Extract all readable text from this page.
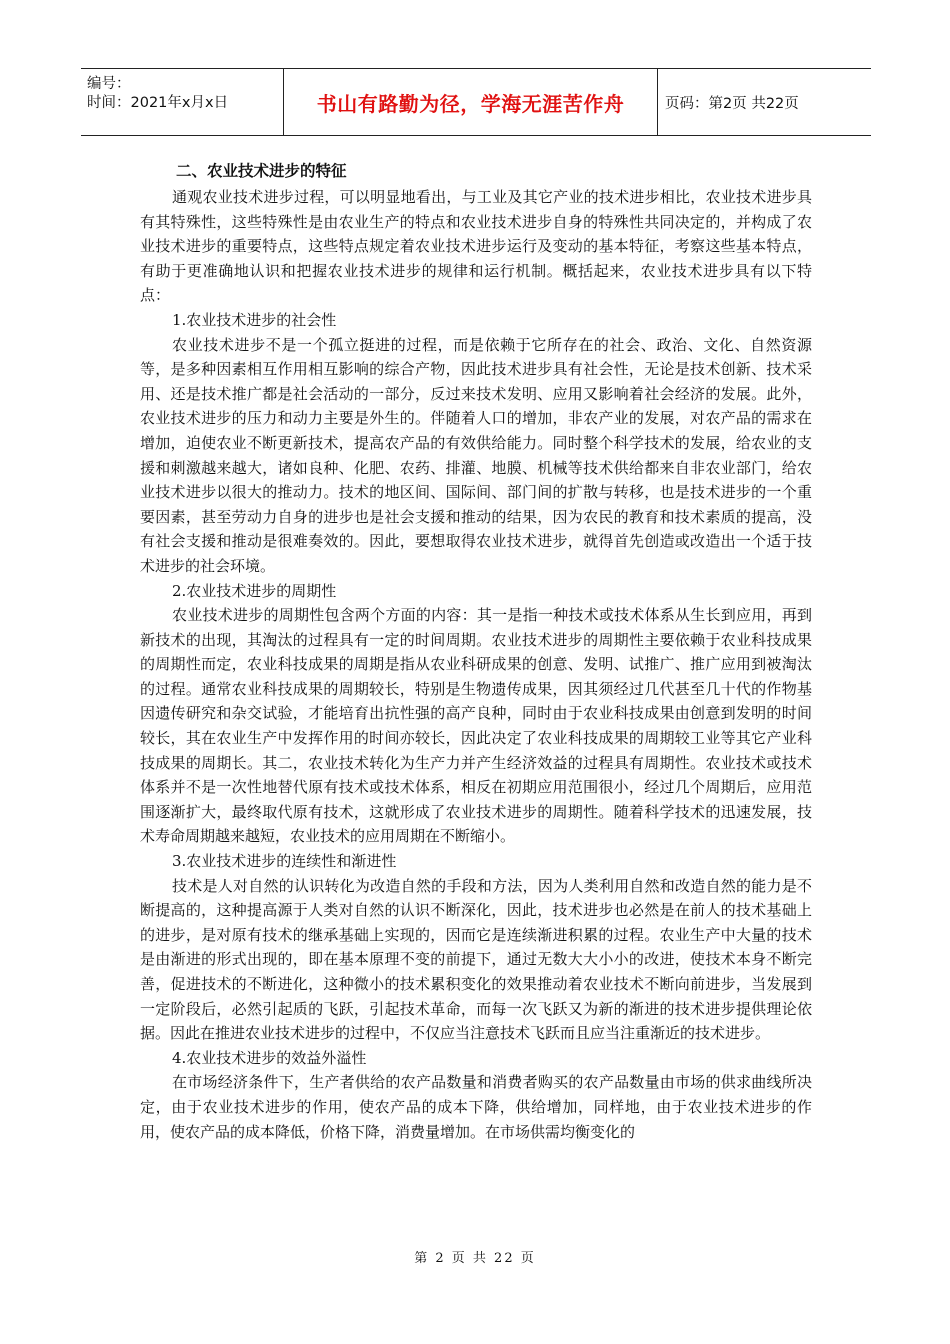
编号：
时间：2021年x月x日	书山有路勤为径，学海无涯苦作舟	页码：第2页 共22页
二、农业技术进步的特征

通观农业技术进步过程，可以明显地看出，与工业及其它产业的技术进步相比，农业技术进步具有其特殊性，这些特殊性是由农业生产的特点和农业技术进步自身的特殊性共同决定的，并构成了农业技术进步的重要特点，这些特点规定着农业技术进步运行及变动的基本特征，考察这些基本特点，有助于更准确地认识和把握农业技术进步的规律和运行机制。概括起来，农业技术进步具有以下特点：

1.农业技术进步的社会性

农业技术进步不是一个孤立挺进的过程，而是依赖于它所存在的社会、政治、文化、自然资源等，是多种因素相互作用相互影响的综合产物，因此技术进步具有社会性，无论是技术创新、技术采用、还是技术推广都是社会活动的一部分，反过来技术发明、应用又影响着社会经济的发展。此外，农业技术进步的压力和动力主要是外生的。伴随着人口的增加，非农产业的发展，对农产品的需求在增加，迫使农业不断更新技术，提高农产品的有效供给能力。同时整个科学技术的发展，给农业的支援和刺激越来越大，诸如良种、化肥、农药、排灌、地膜、机械等技术供给都来自非农业部门，给农业技术进步以很大的推动力。技术的地区间、国际间、部门间的扩散与转移，也是技术进步的一个重要因素，甚至劳动力自身的进步也是社会支援和推动的结果，因为农民的教育和技术素质的提高，没有社会支援和推动是很难奏效的。因此，要想取得农业技术进步，就得首先创造或改造出一个适于技术进步的社会环境。

2.农业技术进步的周期性

农业技术进步的周期性包含两个方面的内容：其一是指一种技术或技术体系从生长到应用，再到新技术的出现，其淘汰的过程具有一定的时间周期。农业技术进步的周期性主要依赖于农业科技成果的周期性而定，农业科技成果的周期是指从农业科研成果的创意、发明、试推广、推广应用到被淘汰的过程。通常农业科技成果的周期较长，特别是生物遗传成果，因其须经过几代甚至几十代的作物基因遗传研究和杂交试验，才能培育出抗性强的高产良种，同时由于农业科技成果由创意到发明的时间较长，其在农业生产中发挥作用的时间亦较长，因此决定了农业科技成果的周期较工业等其它产业科技成果的周期长。其二，农业技术转化为生产力并产生经济效益的过程具有周期性。农业技术或技术体系并不是一次性地替代原有技术或技术体系，相反在初期应用范围很小，经过几个周期后，应用范围逐渐扩大，最终取代原有技术，这就形成了农业技术进步的周期性。随着科学技术的迅速发展，技术寿命周期越来越短，农业技术的应用周期在不断缩小。

3.农业技术进步的连续性和渐进性

技术是人对自然的认识转化为改造自然的手段和方法，因为人类利用自然和改造自然的能力是不断提高的，这种提高源于人类对自然的认识不断深化，因此，技术进步也必然是在前人的技术基础上的进步，是对原有技术的继承基础上实现的，因而它是连续渐进积累的过程。农业生产中大量的技术是由渐进的形式出现的，即在基本原理不变的前提下，通过无数大大小小的改进，使技术本身不断完善，促进技术的不断进化，这种微小的技术累积变化的效果推动着农业技术不断向前进步，当发展到一定阶段后，必然引起质的飞跃，引起技术革命，而每一次飞跃又为新的渐进的技术进步提供理论依据。因此在推进农业技术进步的过程中，不仅应当注意技术飞跃而且应当注重渐近的技术进步。

4.农业技术进步的效益外溢性

在市场经济条件下，生产者供给的农产品数量和消费者购买的农产品数量由市场的供求曲线所决定，由于农业技术进步的作用，使农产品的成本下降，供给增加，同样地，由于农业技术进步的作用，使农产品的成本降低，价格下降，消费量增加。在市场供需均衡变化的

第 2 页 共 22 页
